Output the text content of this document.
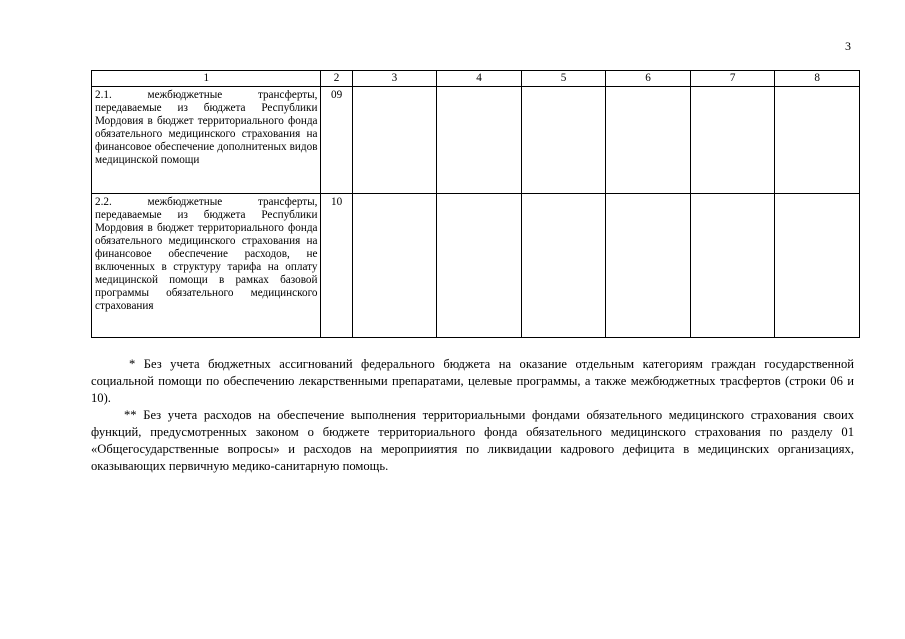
3
1	2	3	4	5	6	7	8
2.1. межбюджетные трансферты, передаваемые из бюджета Республики Мордовия в бюджет территориального фонда обязательного медицинского страхования на финансовое обеспечение дополнитеных видов медицинской помощи	09						
2.2. межбюджетные трансферты, передаваемые из бюджета Республики Мордовия в бюджет территориального фонда обязательного медицинского страхования на финансовое обеспечение расходов, не включенных в структуру тарифа на оплату медицинской помощи в рамках базовой программы обязательного медицинского страхования	10						

* Без учета бюджетных ассигнований федерального бюджета на оказание отдельным категориям граждан государственной социальной помощи по обеспечению лекарственными препаратами, целевые программы, а также межбюджетных трасфертов (строки 06 и 10).

** Без учета расходов на обеспечение выполнения территориальными фондами обязательного медицинского страхования своих функций, предусмотренных законом о бюджете территориального фонда обязательного медицинского страхования по разделу 01 «Общегосударственные вопросы» и расходов на мероприиятия по ликвидации кадрового дефицита в медицинских организациях, оказывающих первичную медико-санитарную помощь.
